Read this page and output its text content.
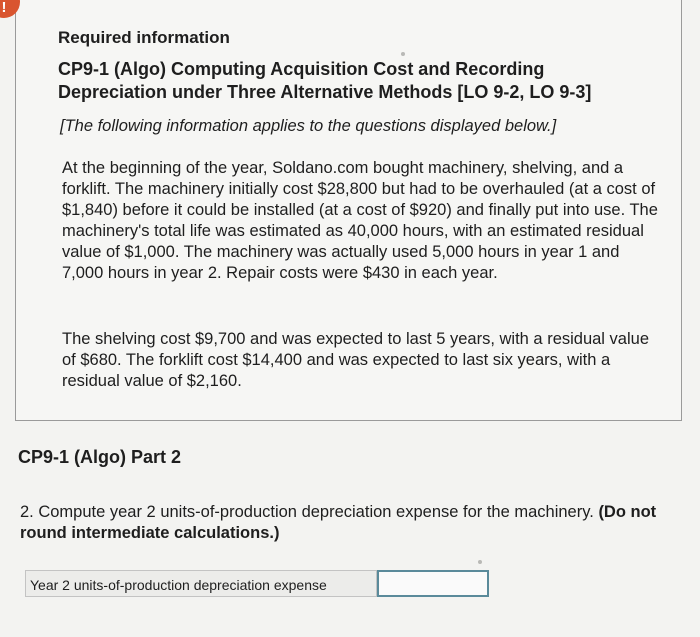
!
Required information
CP9-1 (Algo) Computing Acquisition Cost and Recording Depreciation under Three Alternative Methods [LO 9-2, LO 9-3]
[The following information applies to the questions displayed below.]
At the beginning of the year, Soldano.com bought machinery, shelving, and a forklift. The machinery initially cost $28,800 but had to be overhauled (at a cost of $1,840) before it could be installed (at a cost of $920) and finally put into use. The machinery's total life was estimated as 40,000 hours, with an estimated residual value of $1,000. The machinery was actually used 5,000 hours in year 1 and 7,000 hours in year 2. Repair costs were $430 in each year.
The shelving cost $9,700 and was expected to last 5 years, with a residual value of $680. The forklift cost $14,400 and was expected to last six years, with a residual value of $2,160.
CP9-1 (Algo) Part 2
2. Compute year 2 units-of-production depreciation expense for the machinery. (Do not round intermediate calculations.)
Year 2 units-of-production depreciation expense
